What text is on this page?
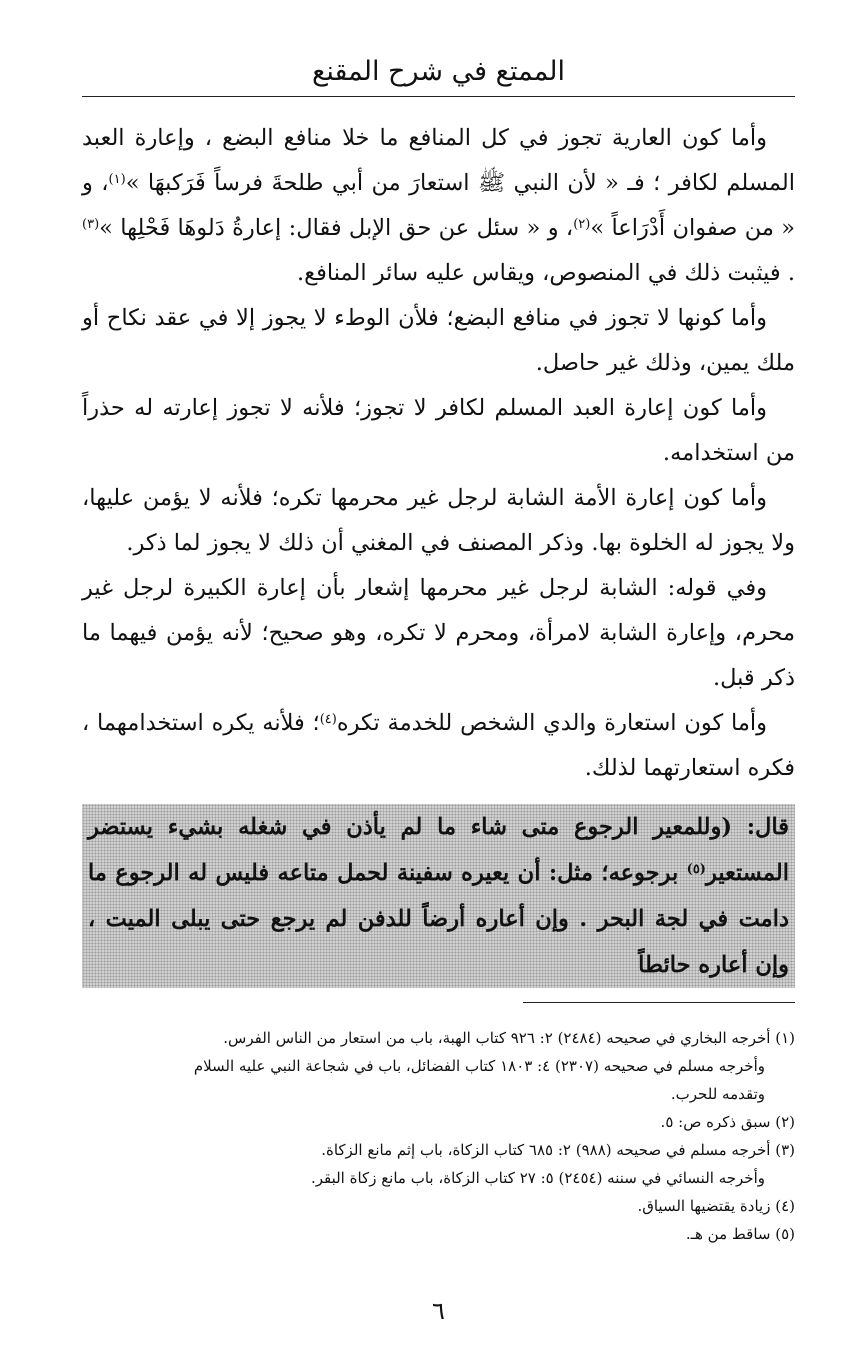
الممتع في شرح المقنع

وأما كون العارية تجوز في كل المنافع ما خلا منافع البضع ، وإعارة العبد المسلم لكافر ؛ فـ « لأن النبي ﷺ استعارَ من أبي طلحةَ فرساً فَرَكبهَا »$^{(١)}$، و « من صفوان أَدْرَاعاً »$^{(٢)}$، و « سئل عن حق الإبل فقال: إعارةُ دَلوهَا فَحْلِها »$^{(٣)}$ . فيثبت ذلك في المنصوص، ويقاس عليه سائر المنافع.

وأما كونها لا تجوز في منافع البضع؛ فلأن الوطء لا يجوز إلا في عقد نكاح أو ملك يمين، وذلك غير حاصل.

وأما كون إعارة العبد المسلم لكافر لا تجوز؛ فلأنه لا تجوز إعارته له حذراً من استخدامه.

وأما كون إعارة الأمة الشابة لرجل غير محرمها تكره؛ فلأنه لا يؤمن عليها، ولا يجوز له الخلوة بها. وذكر المصنف في المغني أن ذلك لا يجوز لما ذكر.

وفي قوله: الشابة لرجل غير محرمها إشعار بأن إعارة الكبيرة لرجل غير محرم، وإعارة الشابة لامرأة، ومحرم لا تكره، وهو صحيح؛ لأنه يؤمن فيهما ما ذكر قبل.

وأما كون استعارة والدي الشخص للخدمة تكره$^{(٤)}$؛ فلأنه يكره استخدامهما ، فكره استعارتهما لذلك.

قال: (وللمعير الرجوع متى شاء ما لم يأذن في شغله بشيء يستضر المستعير$^{(٥)}$ برجوعه؛ مثل: أن يعيره سفينة لحمل متاعه فليس له الرجوع ما دامت في لجة البحر . وإن أعاره أرضاً للدفن لم يرجع حتى يبلى الميت ، وإن أعاره حائطاً

(١) أخرجه البخاري في صحيحه (٢٤٨٤) ٢: ٩٢٦ كتاب الهبة، باب من استعار من الناس الفرس.

وأخرجه مسلم في صحيحه (٢٣٠٧) ٤: ١٨٠٣ كتاب الفضائل، باب في شجاعة النبي عليه السلام

وتقدمه للحرب.

(٢) سبق ذكره ص: ٥.

(٣) أخرجه مسلم في صحيحه (٩٨٨) ٢: ٦٨٥ كتاب الزكاة، باب إثم مانع الزكاة.

وأخرجه النسائي في سننه (٢٤٥٤) ٥: ٢٧ كتاب الزكاة، باب مانع زكاة البقر.

(٤) زيادة يقتضيها السياق.

(٥) ساقط من هـ.

٦
